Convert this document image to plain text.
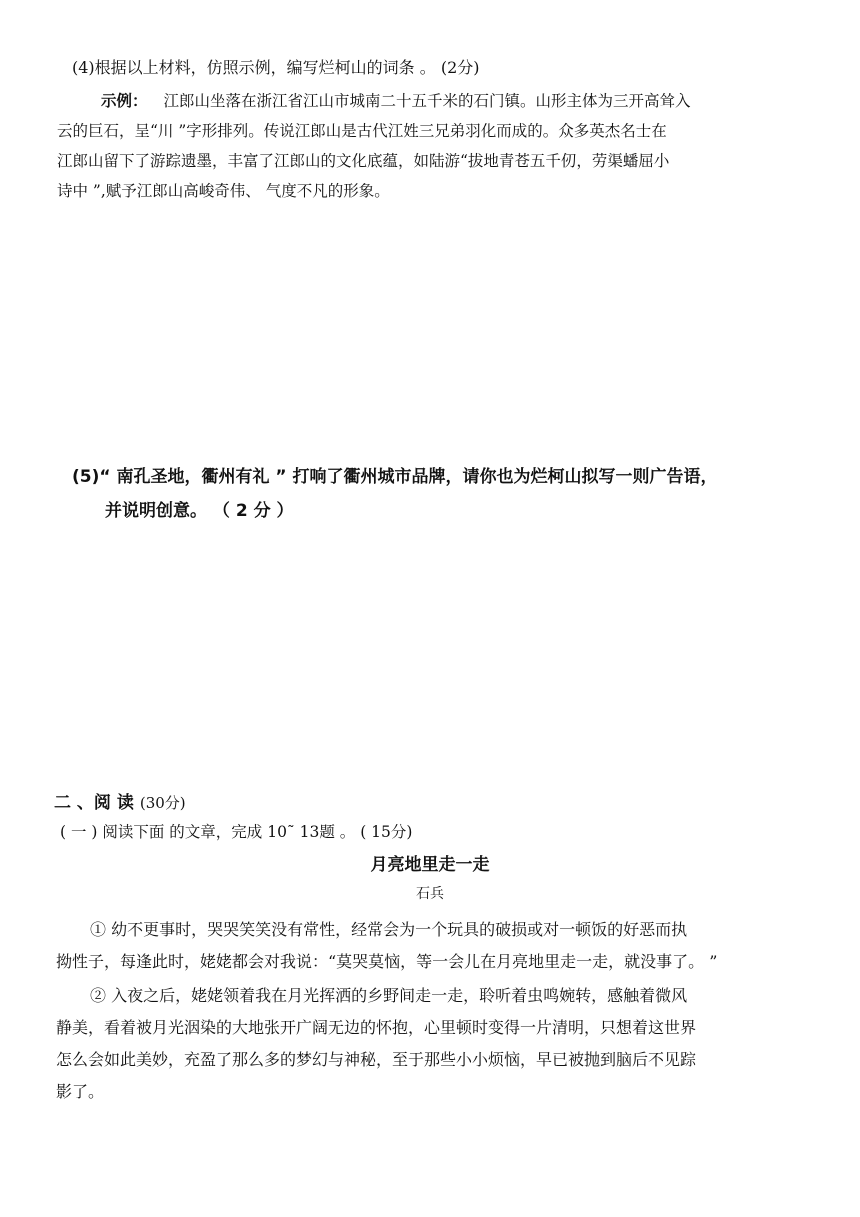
(4)根据以上材料，仿照示例，编写烂柯山的词条 。 (2分)
示例： 江郎山坐落在浙江省江山市城南二十五千米的石门镇。山形主体为三开高耸入
云的巨石，呈“川 ”字形排列。传说江郎山是古代江姓三兄弟羽化而成的。众多英杰名士在
江郎山留下了游踪遗墨，丰富了江郎山的文化底蕴，如陆游“拔地青苍五千仞，劳渠蟠屈小
诗中 ”,赋予江郎山高峻奇伟、 气度不凡的形象。
(5)“ 南孔圣地，衢州有礼 ” 打响了衢州城市品牌，请你也为烂柯山拟写一则广告语，
并说明创意。 （ 2 分 ）
二 、阅 读 (30分)
( 一 ) 阅读下面 的文章，完成 10˜ 13题 。 ( 15分)
月亮地里走一走
石兵
① 幼不更事时，哭哭笑笑没有常性，经常会为一个玩具的破损或对一顿饭的好恶而执
拗性子，每逢此时，姥姥都会对我说：“莫哭莫恼，等一会儿在月亮地里走一走，就没事了。 ”
② 入夜之后，姥姥领着我在月光挥洒的乡野间走一走，聆听着虫鸣婉转，感触着微风
静美，看着被月光洇染的大地张开广阔无边的怀抱，心里顿时变得一片清明，只想着这世界
怎么会如此美妙，充盈了那么多的梦幻与神秘，至于那些小小烦恼，早已被抛到脑后不见踪
影了。
